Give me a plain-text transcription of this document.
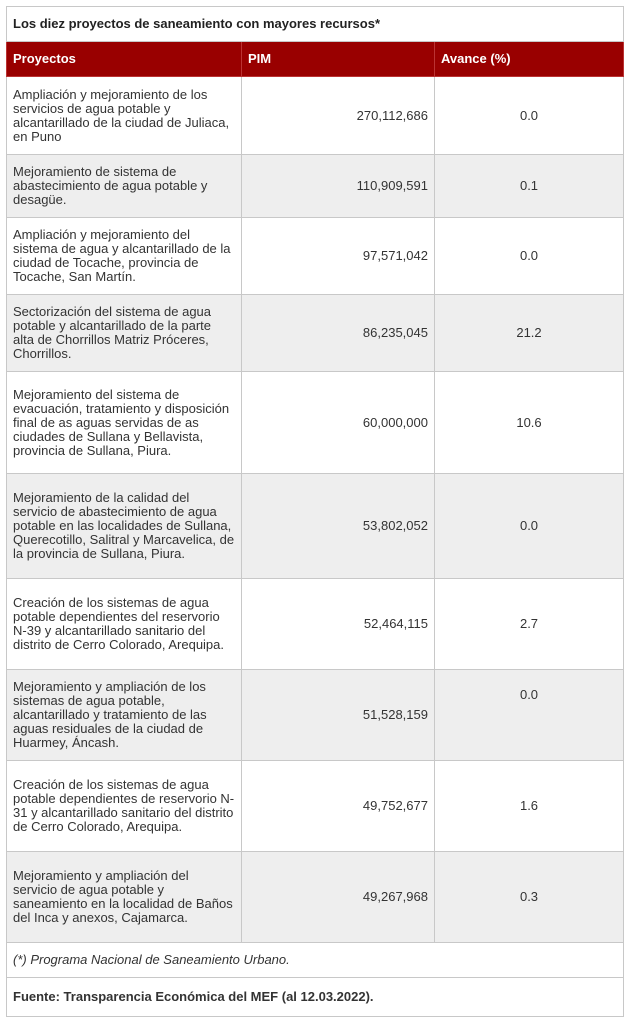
Los diez proyectos de saneamiento con mayores recursos*		
Proyectos	PIM	Avance (%)
Ampliación y mejoramiento de los servicios de agua potable y alcantarillado de la ciudad de Juliaca, en Puno	270,112,686	0.0
Mejoramiento de sistema de abastecimiento de agua potable y desagüe.	110,909,591	0.1
Ampliación y mejoramiento del sistema de agua y alcantarillado de la ciudad de Tocache, provincia de Tocache, San Martín.	97,571,042	0.0
Sectorización del sistema de agua potable y alcantarillado de la parte alta de Chorrillos Matriz Próceres, Chorrillos.	86,235,045	21.2
Mejoramiento del sistema de evacuación, tratamiento y disposición final de as aguas servidas de as ciudades de Sullana y Bellavista, provincia de Sullana, Piura.	60,000,000	10.6
Mejoramiento de la calidad del servicio de abastecimiento de agua potable en las localidades de Sullana, Querecotillo, Salitral y Marcavelica, de la provincia de Sullana, Piura.	53,802,052	0.0
Creación de los sistemas de agua potable dependientes del reservorio N-39 y alcantarillado sanitario del distrito de Cerro Colorado, Arequipa.	52,464,115	2.7
Mejoramiento y ampliación de los sistemas de agua potable, alcantarillado y tratamiento de las aguas residuales de la ciudad de Huarmey, Áncash.	51,528,159	0.0
Creación de los sistemas de agua potable dependientes de reservorio N-31 y alcantarillado sanitario del distrito de Cerro Colorado, Arequipa.	49,752,677	1.6
Mejoramiento y ampliación del servicio de agua potable y saneamiento en la localidad de Baños del Inca y anexos, Cajamarca.	49,267,968	0.3
(*) Programa Nacional de Saneamiento Urbano.		
Fuente: Transparencia Económica del MEF (al 12.03.2022).		
